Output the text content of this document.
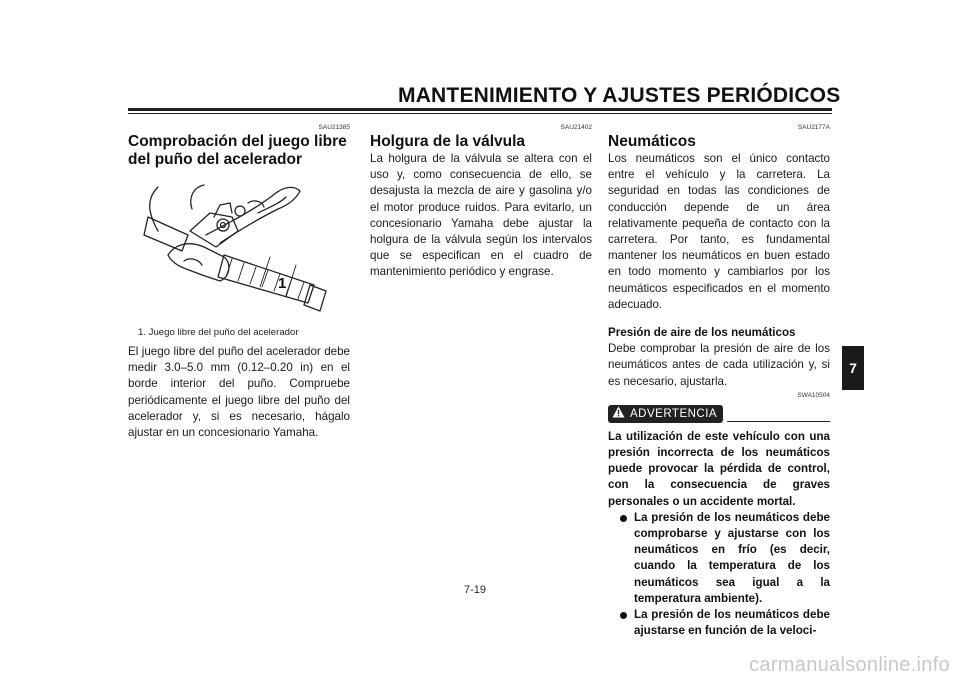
MANTENIMIENTO Y AJUSTES PERIÓDICOS
7
SAU21385
Comprobación del juego libre del puño del acelerador
1
1. Juego libre del puño del acelerador

El juego libre del puño del acelerador debe medir 3.0–5.0 mm (0.12–0.20 in) en el borde interior del puño. Compruebe periódicamente el juego libre del puño del acelerador y, si es necesario, hágalo ajustar en un concesionario Yamaha.

SAU21402
Holgura de la válvula

La holgura de la válvula se altera con el uso y, como consecuencia de ello, se desajusta la mezcla de aire y gasolina y/o el motor produce ruidos. Para evitarlo, un concesionario Yamaha debe ajustar la holgura de la válvula según los intervalos que se especifican en el cuadro de mantenimiento periódico y engrase.

SAU2177A
Neumáticos

Los neumáticos son el único contacto entre el vehículo y la carretera. La seguridad en todas las condiciones de conducción depende de un área relativamente pequeña de contacto con la carretera. Por tanto, es fundamental mantener los neumáticos en buen estado en todo momento y cambiarlos por los neumáticos especificados en el momento adecuado.

Presión de aire de los neumáticos

Debe comprobar la presión de aire de los neumáticos antes de cada utilización y, si es necesario, ajustarla.

SWA10504
ADVERTENCIA

La utilización de este vehículo con una presión incorrecta de los neumáticos puede provocar la pérdida de control, con la consecuencia de graves personales o un accidente mortal.

La presión de los neumáticos debe comprobarse y ajustarse con los neumáticos en frío (es decir, cuando la temperatura de los neumáticos sea igual a la temperatura ambiente).
La presión de los neumáticos debe ajustarse en función de la veloci-
7-19
carmanualsonline.info
